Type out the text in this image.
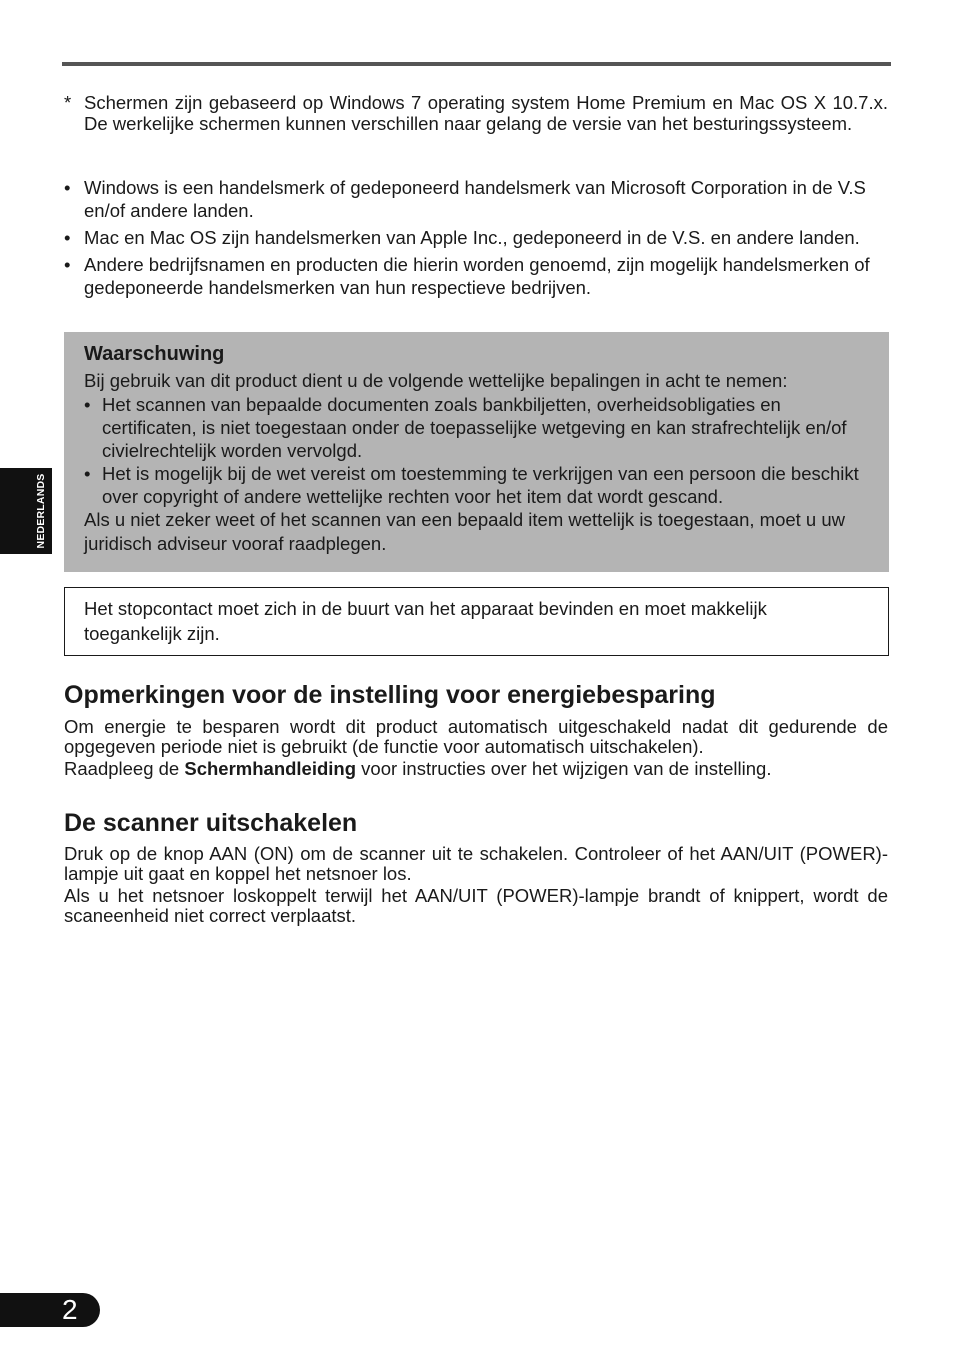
* Schermen zijn gebaseerd op Windows 7 operating system Home Premium en Mac OS X 10.7.x. De werkelijke schermen kunnen verschillen naar gelang de versie van het besturingssysteem.
• Windows is een handelsmerk of gedeponeerd handelsmerk van Microsoft Corporation in de V.S en/of andere landen.
• Mac en Mac OS zijn handelsmerken van Apple Inc., gedeponeerd in de V.S. en andere landen.
• Andere bedrijfsnamen en producten die hierin worden genoemd, zijn mogelijk handelsmerken of gedeponeerde handelsmerken van hun respectieve bedrijven.
Waarschuwing
Bij gebruik van dit product dient u de volgende wettelijke bepalingen in acht te nemen:
• Het scannen van bepaalde documenten zoals bankbiljetten, overheidsobligaties en certificaten, is niet toegestaan onder de toepasselijke wetgeving en kan strafrechtelijk en/of civielrechtelijk worden vervolgd.
• Het is mogelijk bij de wet vereist om toestemming te verkrijgen van een persoon die beschikt over copyright of andere wettelijke rechten voor het item dat wordt gescand.
Als u niet zeker weet of het scannen van een bepaald item wettelijk is toegestaan, moet u uw juridisch adviseur vooraf raadplegen.
Het stopcontact moet zich in de buurt van het apparaat bevinden en moet makkelijk toegankelijk zijn.
Opmerkingen voor de instelling voor energiebesparing

Om energie te besparen wordt dit product automatisch uitgeschakeld nadat dit gedurende de opgegeven periode niet is gebruikt (de functie voor automatisch uitschakelen).

Raadpleeg de Schermhandleiding voor instructies over het wijzigen van de instelling.

De scanner uitschakelen

Druk op de knop AAN (ON) om de scanner uit te schakelen. Controleer of het AAN/UIT (POWER)-lampje uit gaat en koppel het netsnoer los.

Als u het netsnoer loskoppelt terwijl het AAN/UIT (POWER)-lampje brandt of knippert, wordt de scaneenheid niet correct verplaatst.

NEDERLANDS
2
